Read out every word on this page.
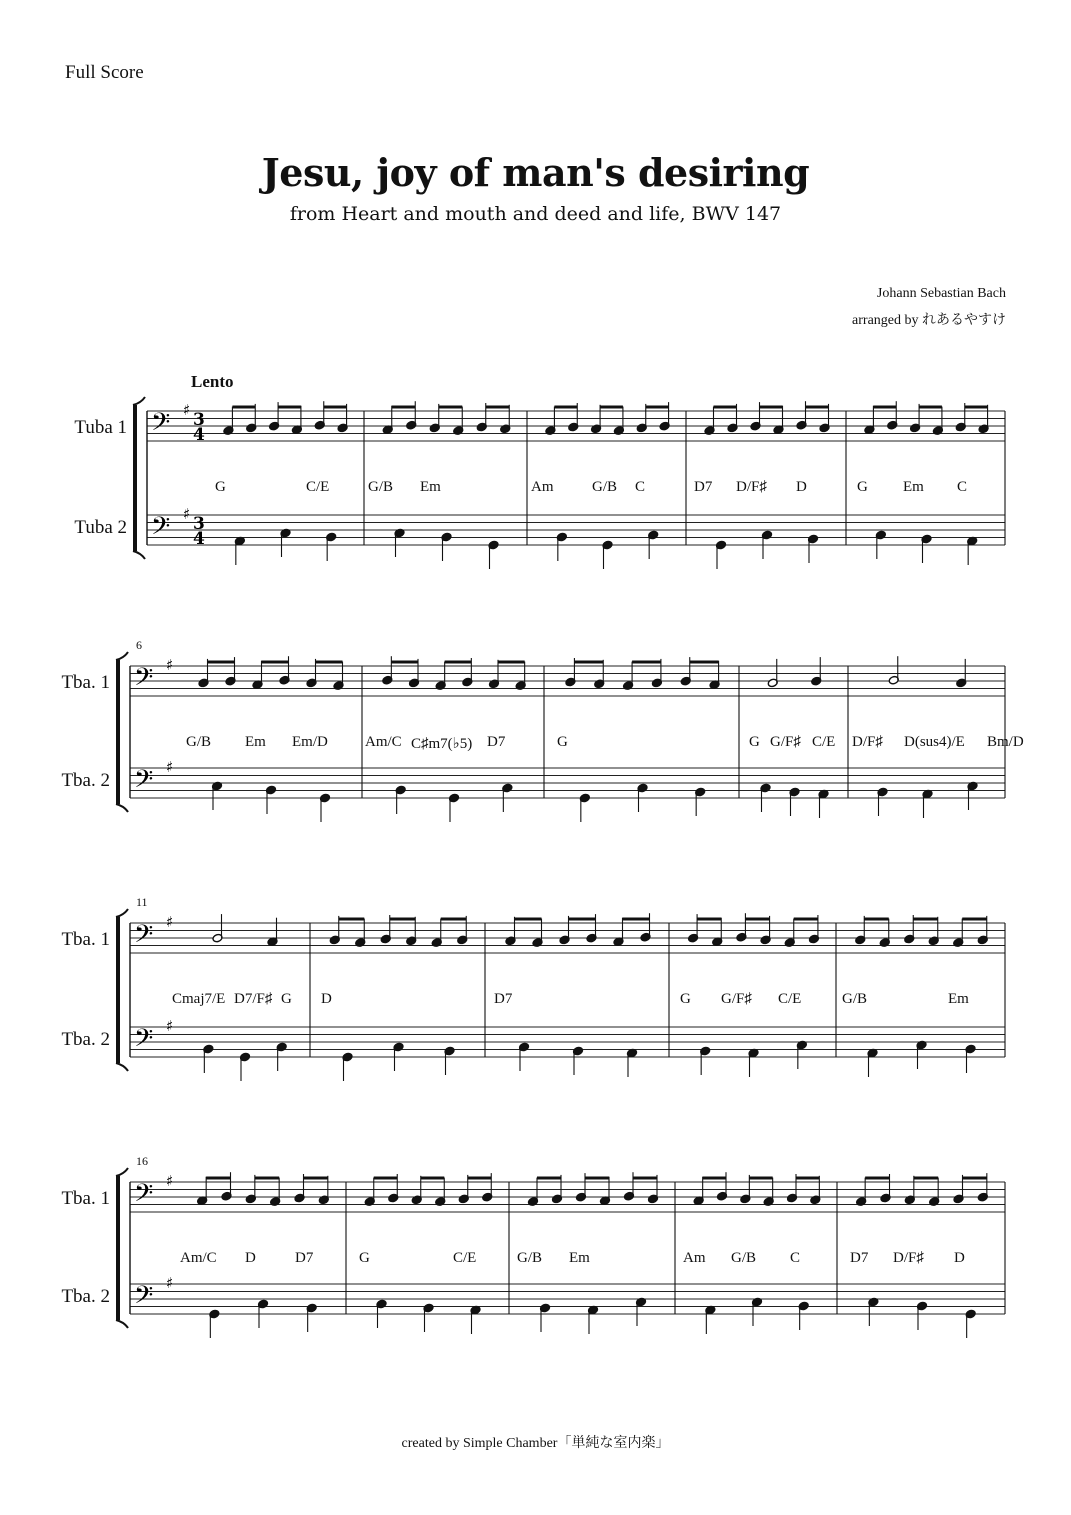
Full Score
Jesu, joy of man's desiring
from Heart and mouth and deed and life, BWV 147
Johann Sebastian Bach
arranged by れあるやすけ
Lento
created by Simple Chamber「単純な室内楽」
𝄢
𝄢
♯
♯
3
4
3
4
𝄢
𝄢
♯
♯
𝄢
𝄢
♯
♯
𝄢
𝄢
♯
♯
Tuba 1
Tuba 2
G	C/E	G/B Em	Am	G/B C	D7 D/F♯ D	G Em C
Tba. 1
Tba. 2
6
G/B Em Em/D Am/C C♯m7(♭5) D7	G	G G/F♯ C/E D/F♯ D(sus4)/E Bm/D
Tba. 1
Tba. 2
11
Cmaj7/E D7/F♯ G D	D7	G G/F♯ C/E	G/B	Em
Tba. 1
Tba. 2
16
Am/C D	D7	G	C/E	G/B Em	Am G/B C	D7 D/F♯ D
